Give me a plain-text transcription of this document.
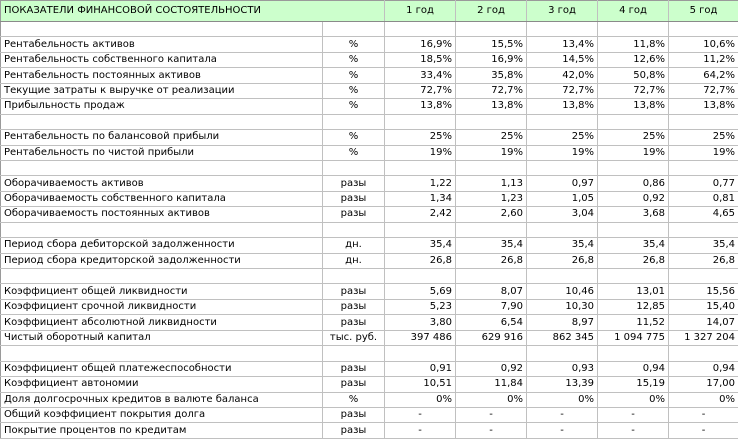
ПОКАЗАТЕЛИ ФИНАНСОВОЙ СОСТОЯТЕЛЬНОСТИ		1 год	2 год	3 год	4 год	5 год

Рентабельность активов	%	16,9%	15,5%	13,4%	11,8%	10,6%
Рентабельность собственного капитала	%	18,5%	16,9%	14,5%	12,6%	11,2%
Рентабельность постоянных активов	%	33,4%	35,8%	42,0%	50,8%	64,2%
Текущие затраты к выручке от реализации	%	72,7%	72,7%	72,7%	72,7%	72,7%
Прибыльность продаж	%	13,8%	13,8%	13,8%	13,8%	13,8%

Рентабельность по балансовой прибыли	%	25%	25%	25%	25%	25%
Рентабельность по чистой прибыли	%	19%	19%	19%	19%	19%

Оборачиваемость активов	разы	1,22	1,13	0,97	0,86	0,77
Оборачиваемость собственного капитала	разы	1,34	1,23	1,05	0,92	0,81
Оборачиваемость постоянных активов	разы	2,42	2,60	3,04	3,68	4,65

Период сбора дебиторской задолженности	дн.	35,4	35,4	35,4	35,4	35,4
Период сбора кредиторской задолженности	дн.	26,8	26,8	26,8	26,8	26,8

Коэффициент общей ликвидности	разы	5,69	8,07	10,46	13,01	15,56
Коэффициент срочной ликвидности	разы	5,23	7,90	10,30	12,85	15,40
Коэффициент абсолютной ликвидности	разы	3,80	6,54	8,97	11,52	14,07
Чистый оборотный капитал	тыс. руб.	397 486	629 916	862 345	1 094 775	1 327 204

Коэффициент общей платежеспособности	разы	0,91	0,92	0,93	0,94	0,94
Коэффициент автономии	разы	10,51	11,84	13,39	15,19	17,00
Доля долгосрочных кредитов в валюте баланса	%	0%	0%	0%	0%	0%
Общий коэффициент покрытия долга	разы	-	-	-	-	-
Покрытие процентов по кредитам	разы	-	-	-	-	-
